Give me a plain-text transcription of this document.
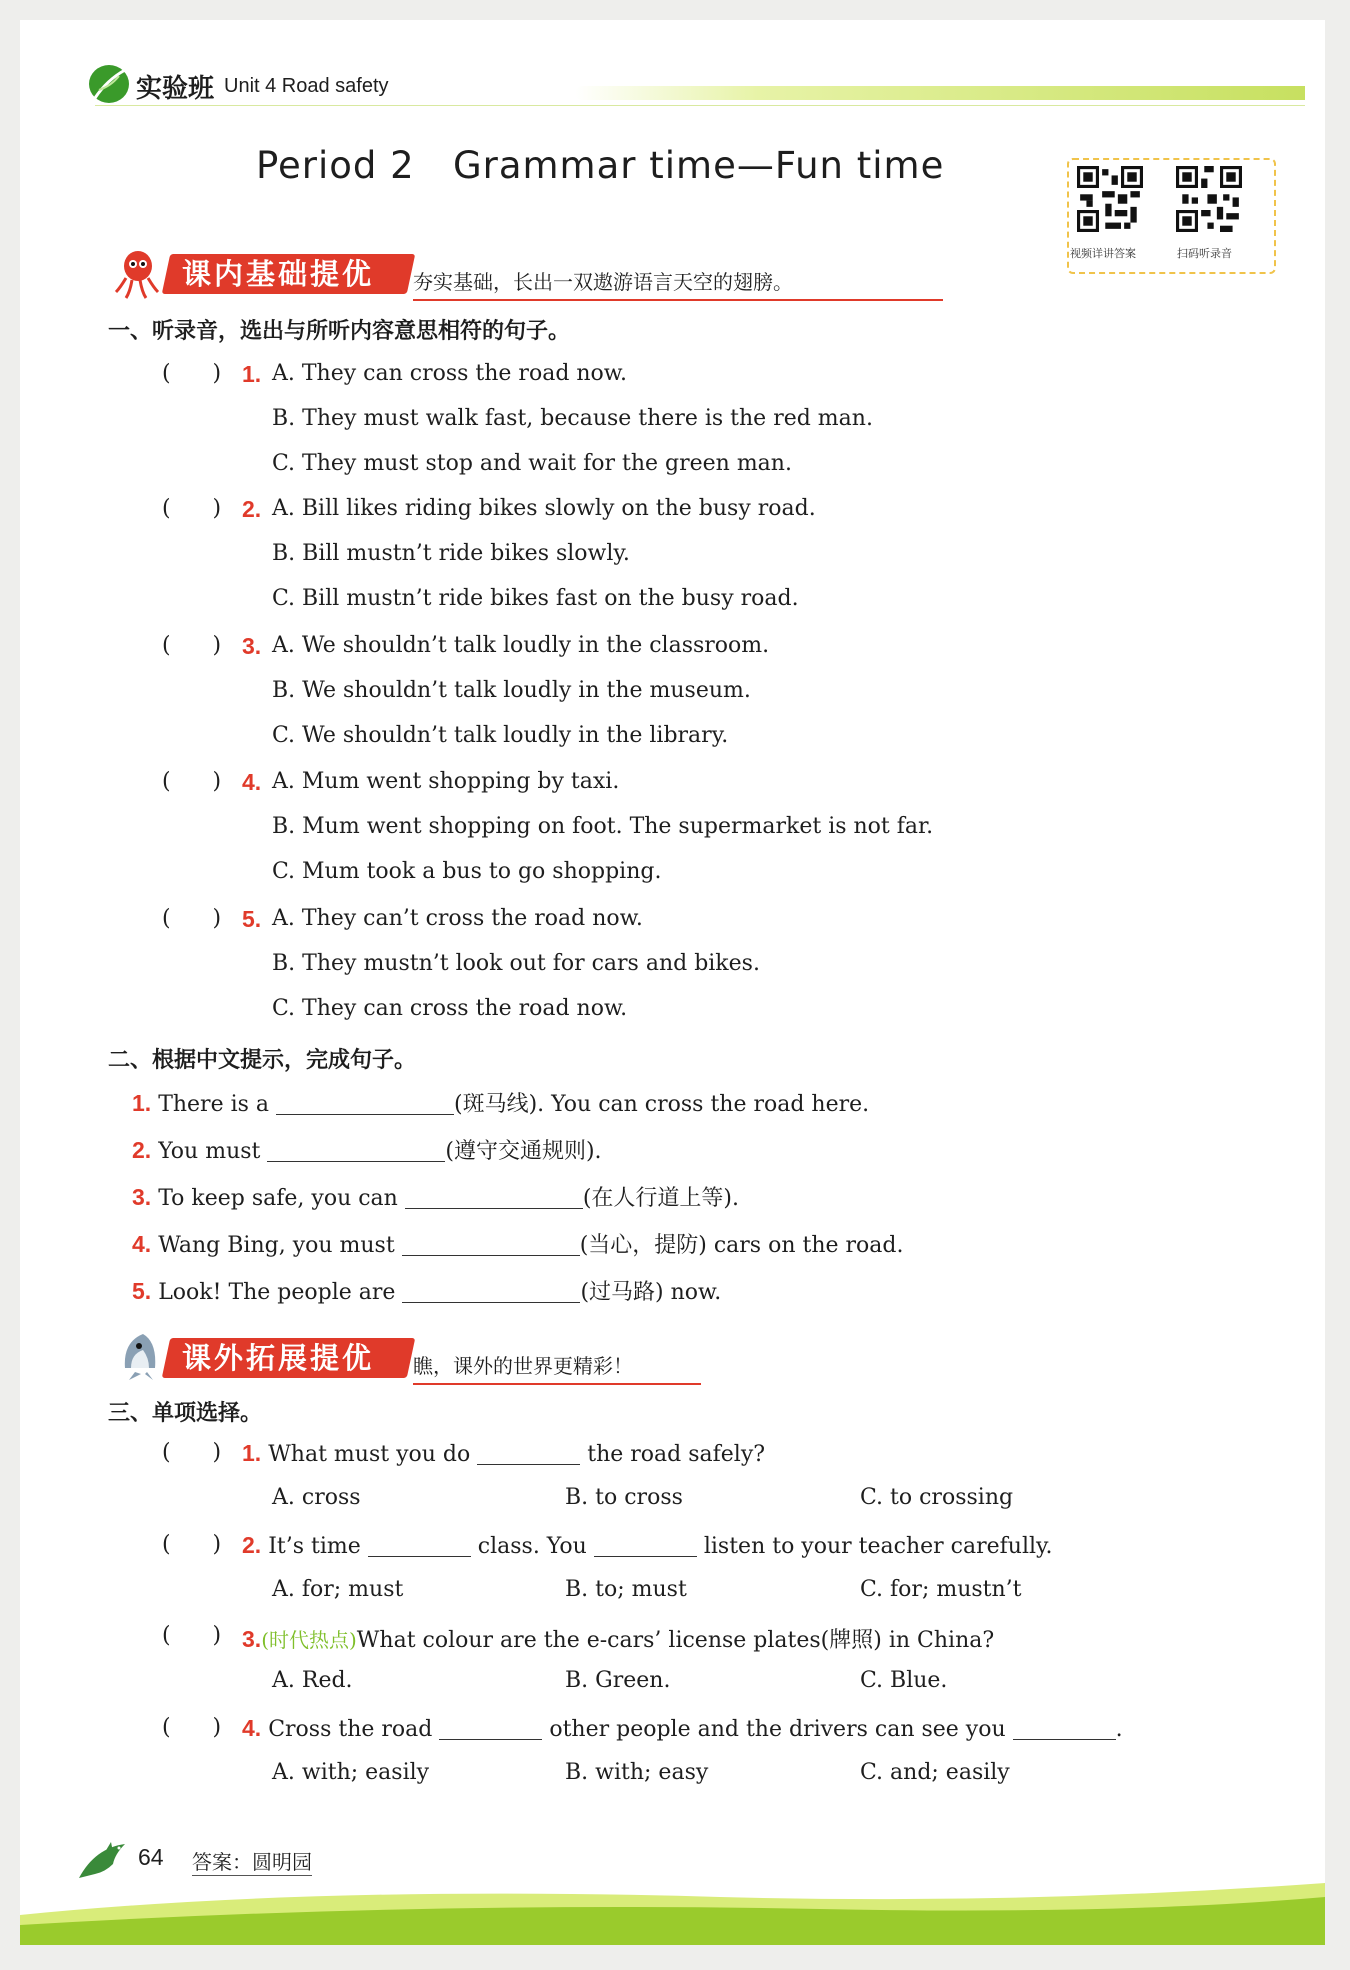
实验班 Unit 4 Road safety
Period 2   Grammar time—Fun time
视频详讲答案	扫码听录音
课内基础提优 夯实基础，长出一双遨游语言天空的翅膀。
一、听录音，选出与所听内容意思相符的句子。
(      ) 1. A. They can cross the road now.
B. They must walk fast, because there is the red man.
C. They must stop and wait for the green man.
(      ) 2. A. Bill likes riding bikes slowly on the busy road.
B. Bill mustn’t ride bikes slowly.
C. Bill mustn’t ride bikes fast on the busy road.
(      ) 3. A. We shouldn’t talk loudly in the classroom.
B. We shouldn’t talk loudly in the museum.
C. We shouldn’t talk loudly in the library.
(      ) 4. A. Mum went shopping by taxi.
B. Mum went shopping on foot. The supermarket is not far.
C. Mum took a bus to go shopping.
(      ) 5. A. They can’t cross the road now.
B. They mustn’t look out for cars and bikes.
C. They can cross the road now.
二、根据中文提示，完成句子。
1. There is a	(斑马线). You can cross the road here.
2. You must	(遵守交通规则).
3. To keep safe, you can	(在人行道上等).
4. Wang Bing, you must	(当心，提防) cars on the road.
5. Look! The people are	(过马路) now.
课外拓展提优 瞧，课外的世界更精彩！
三、单项选择。
(      ) 1. What must you do	the road safely?
A. cross	B. to cross	C. to crossing
(      ) 2. It’s time	class. You	listen to your teacher carefully.
A. for; must	B. to; must	C. for; mustn’t
(      ) 3.(时代热点)What colour are the e-cars’ license plates(牌照) in China?
A. Red.	B. Green.	C. Blue.
(      ) 4. Cross the road	other people and the drivers can see you	.
A. with; easily	B. with; easy	C. and; easily
64 答案：圆明园
